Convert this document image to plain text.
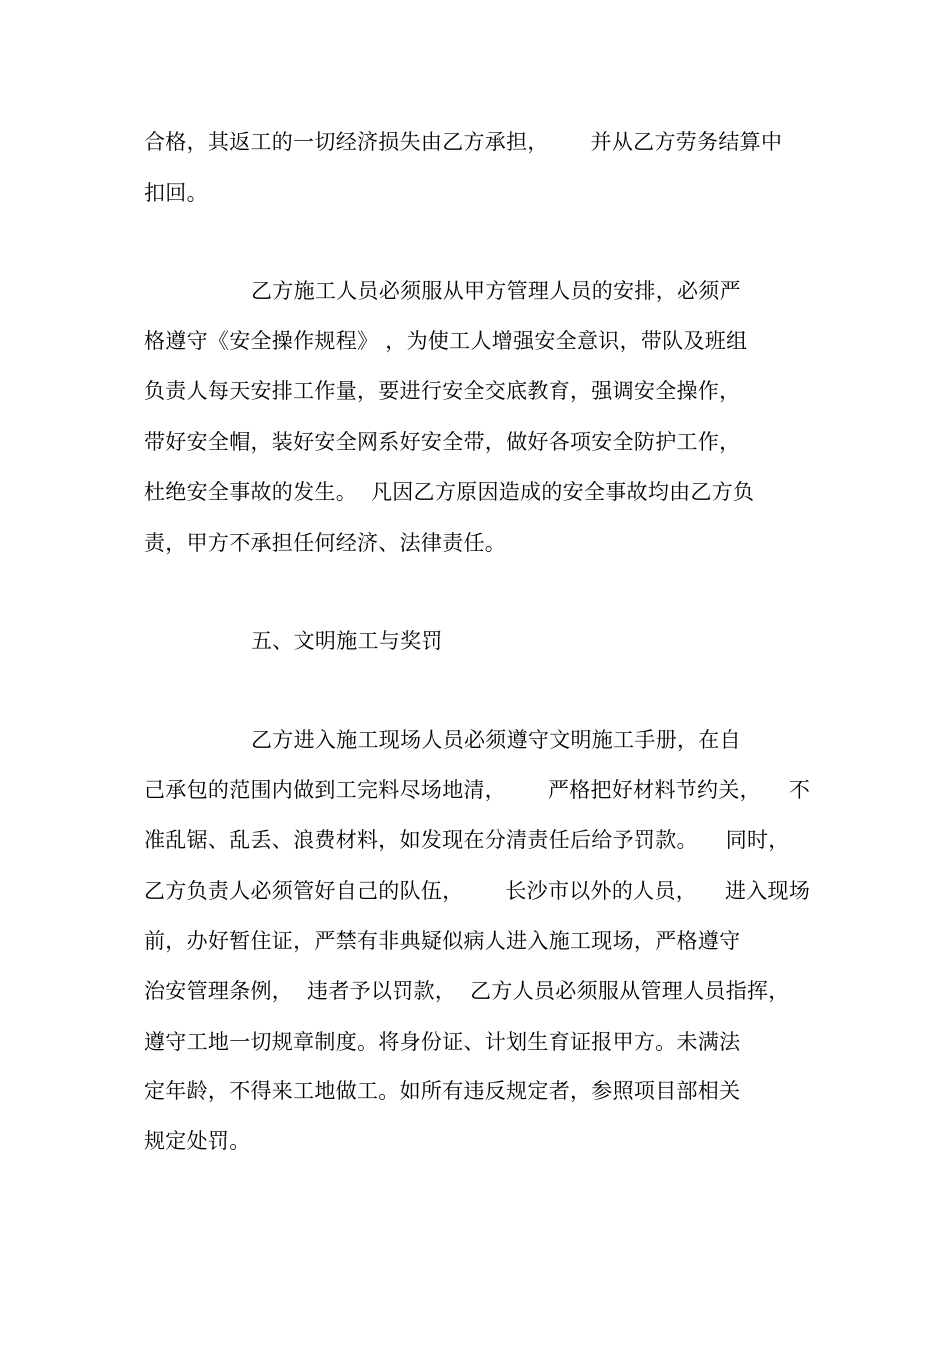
合格，其返工的一切经济损失由乙方承担，      并从乙方劳务结算中
扣回。
乙方施工人员必须服从甲方管理人员的安排，必须严
格遵守《安全操作规程》 ，为使工人增强安全意识，带队及班组
负责人每天安排工作量，要进行安全交底教育，强调安全操作，
带好安全帽，装好安全网系好安全带，做好各项安全防护工作，
杜绝安全事故的发生。  凡因乙方原因造成的安全事故均由乙方负
责，甲方不承担任何经济、法律责任。
五、文明施工与奖罚
乙方进入施工现场人员必须遵守文明施工手册，在自
己承包的范围内做到工完料尽场地清，      严格把好材料节约关，    不
准乱锯、乱丢、浪费材料，如发现在分清责任后给予罚款。    同时，
乙方负责人必须管好自己的队伍，      长沙市以外的人员，    进入现场
前，办好暂住证，严禁有非典疑似病人进入施工现场，严格遵守
治安管理条例，  违者予以罚款，  乙方人员必须服从管理人员指挥，
遵守工地一切规章制度。将身份证、计划生育证报甲方。未满法
定年龄，不得来工地做工。如所有违反规定者，参照项目部相关
规定处罚。
